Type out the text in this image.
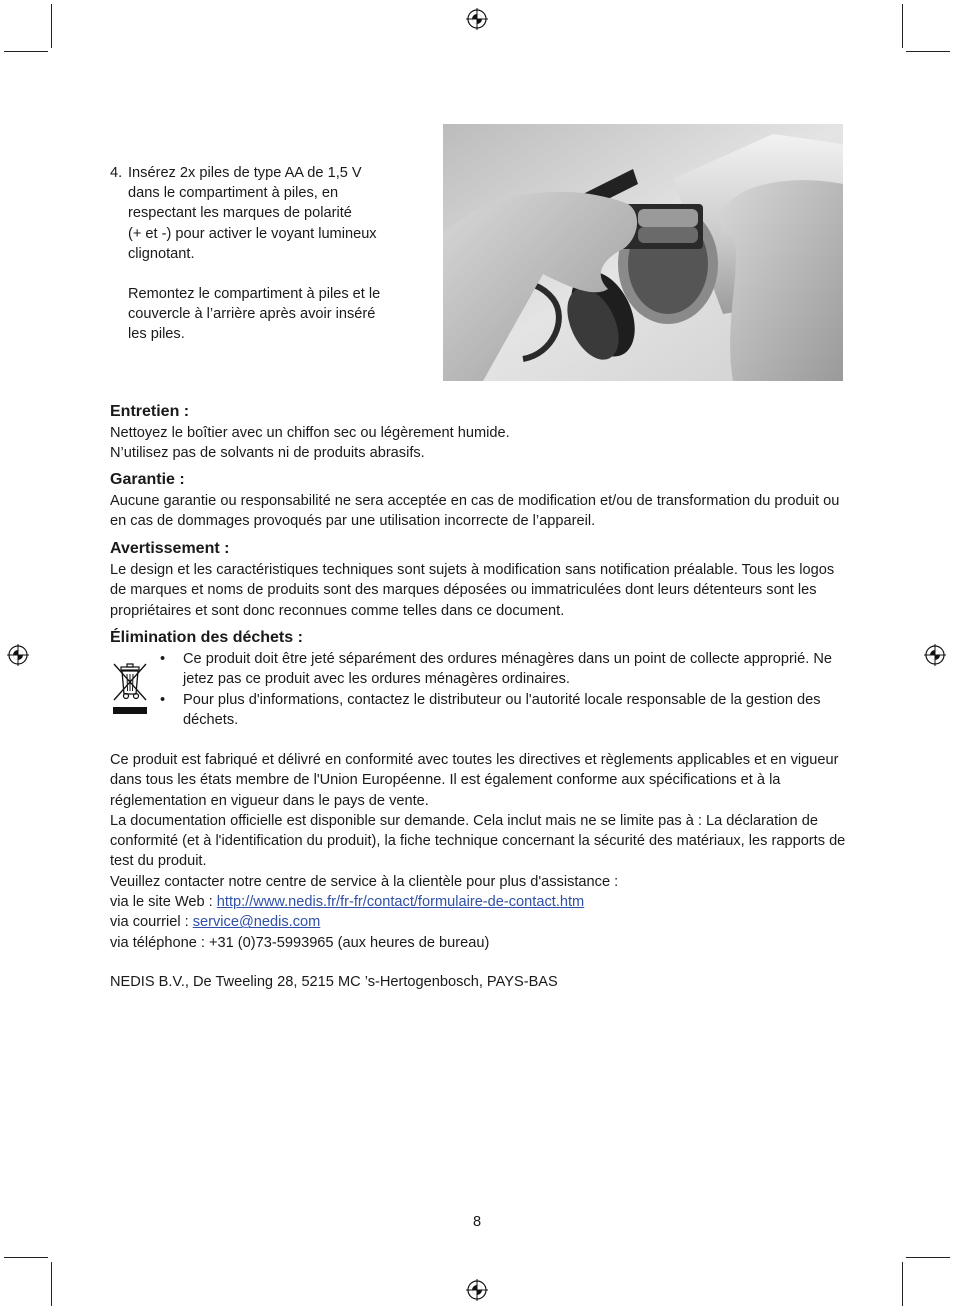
4. Insérez 2x piles de type AA de 1,5 V

dans le compartiment à piles, en

respectant les marques de polarité

(+ et -) pour activer le voyant lumineux

clignotant.

Remontez le compartiment à piles et le

couvercle à l’arrière après avoir inséré

les piles.

Entretien :

Nettoyez le boîtier avec un chiffon sec ou légèrement humide.

N’utilisez pas de solvants ni de produits abrasifs.

Garantie :

Aucune garantie ou responsabilité ne sera acceptée en cas de modification et/ou de transformation du produit ou en cas de dommages provoqués par une utilisation incorrecte de l’appareil.

Avertissement :

Le design et les caractéristiques techniques sont sujets à modification sans notification préalable. Tous les logos de marques et noms de produits sont des marques déposées ou immatriculées dont leurs détenteurs sont les propriétaires et sont donc reconnues comme telles dans ce document.

Élimination des déchets :
• Ce produit doit être jeté séparément des ordures ménagères dans un point de collecte approprié. Ne jetez pas ce produit avec les ordures ménagères ordinaires.

• Pour plus d'informations, contactez le distributeur ou l'autorité locale responsable de la gestion des déchets.

Ce produit est fabriqué et délivré en conformité avec toutes les directives et règlements applicables et en vigueur dans tous les états membre de l'Union Européenne. Il est également conforme aux spécifications et à la réglementation en vigueur dans le pays de vente.

La documentation officielle est disponible sur demande. Cela inclut mais ne se limite pas à : La déclaration de conformité (et à l'identification du produit), la fiche technique concernant la sécurité des matériaux, les rapports de test du produit.

Veuillez contacter notre centre de service à la clientèle pour plus d'assistance :

via le site Web : http://www.nedis.fr/fr-fr/contact/formulaire-de-contact.htm

via courriel : service@nedis.com

via téléphone : +31 (0)73-5993965 (aux heures de bureau)

NEDIS B.V., De Tweeling 28, 5215 MC ’s-Hertogenbosch, PAYS-BAS

8
